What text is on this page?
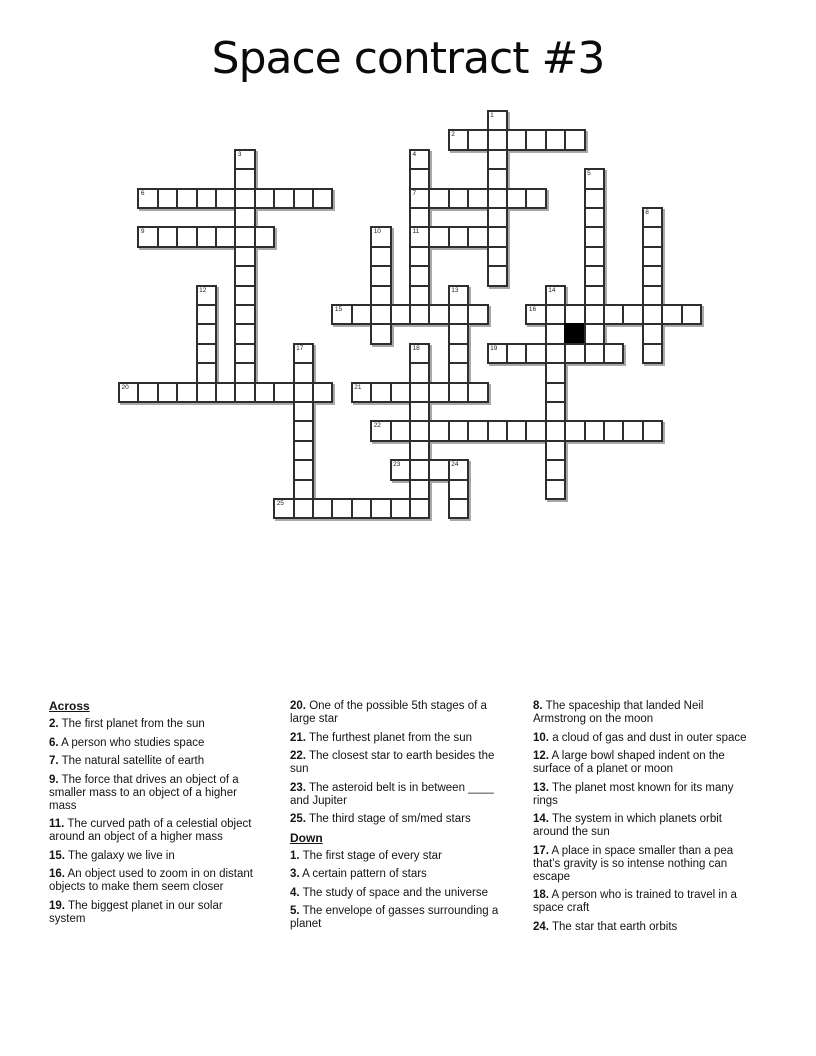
Space contract #3
1
2
3	4
5
6	7
8
9	10	11
12	13	14
15	16
17	18	19
20	21
22
23	24
25
Across
2. The first planet from the sun
6. A person who studies space
7. The natural satellite of earth
9. The force that drives an object of a smaller mass to an object of a higher mass
11. The curved path of a celestial object around an object of a higher mass
15. The galaxy we live in
16. An object used to zoom in on distant objects to make them seem closer
19. The biggest planet in our solar system
20. One of the possible 5th stages of a large star
21. The furthest planet from the sun
22. The closest star to earth besides the sun
23. The asteroid belt is in between ____ and Jupiter
25. The third stage of sm/med stars
Down
1. The first stage of every star
3. A certain pattern of stars
4. The study of space and the universe
5. The envelope of gasses surrounding a planet
8. The spaceship that landed Neil Armstrong on the moon
10. a cloud of gas and dust in outer space
12. A large bowl shaped indent on the surface of a planet or moon
13. The planet most known for its many rings
14. The system in which planets orbit around the sun
17. A place in space smaller than a pea that’s gravity is so intense nothing can escape
18. A person who is trained to travel in a space craft
24. The star that earth orbits
